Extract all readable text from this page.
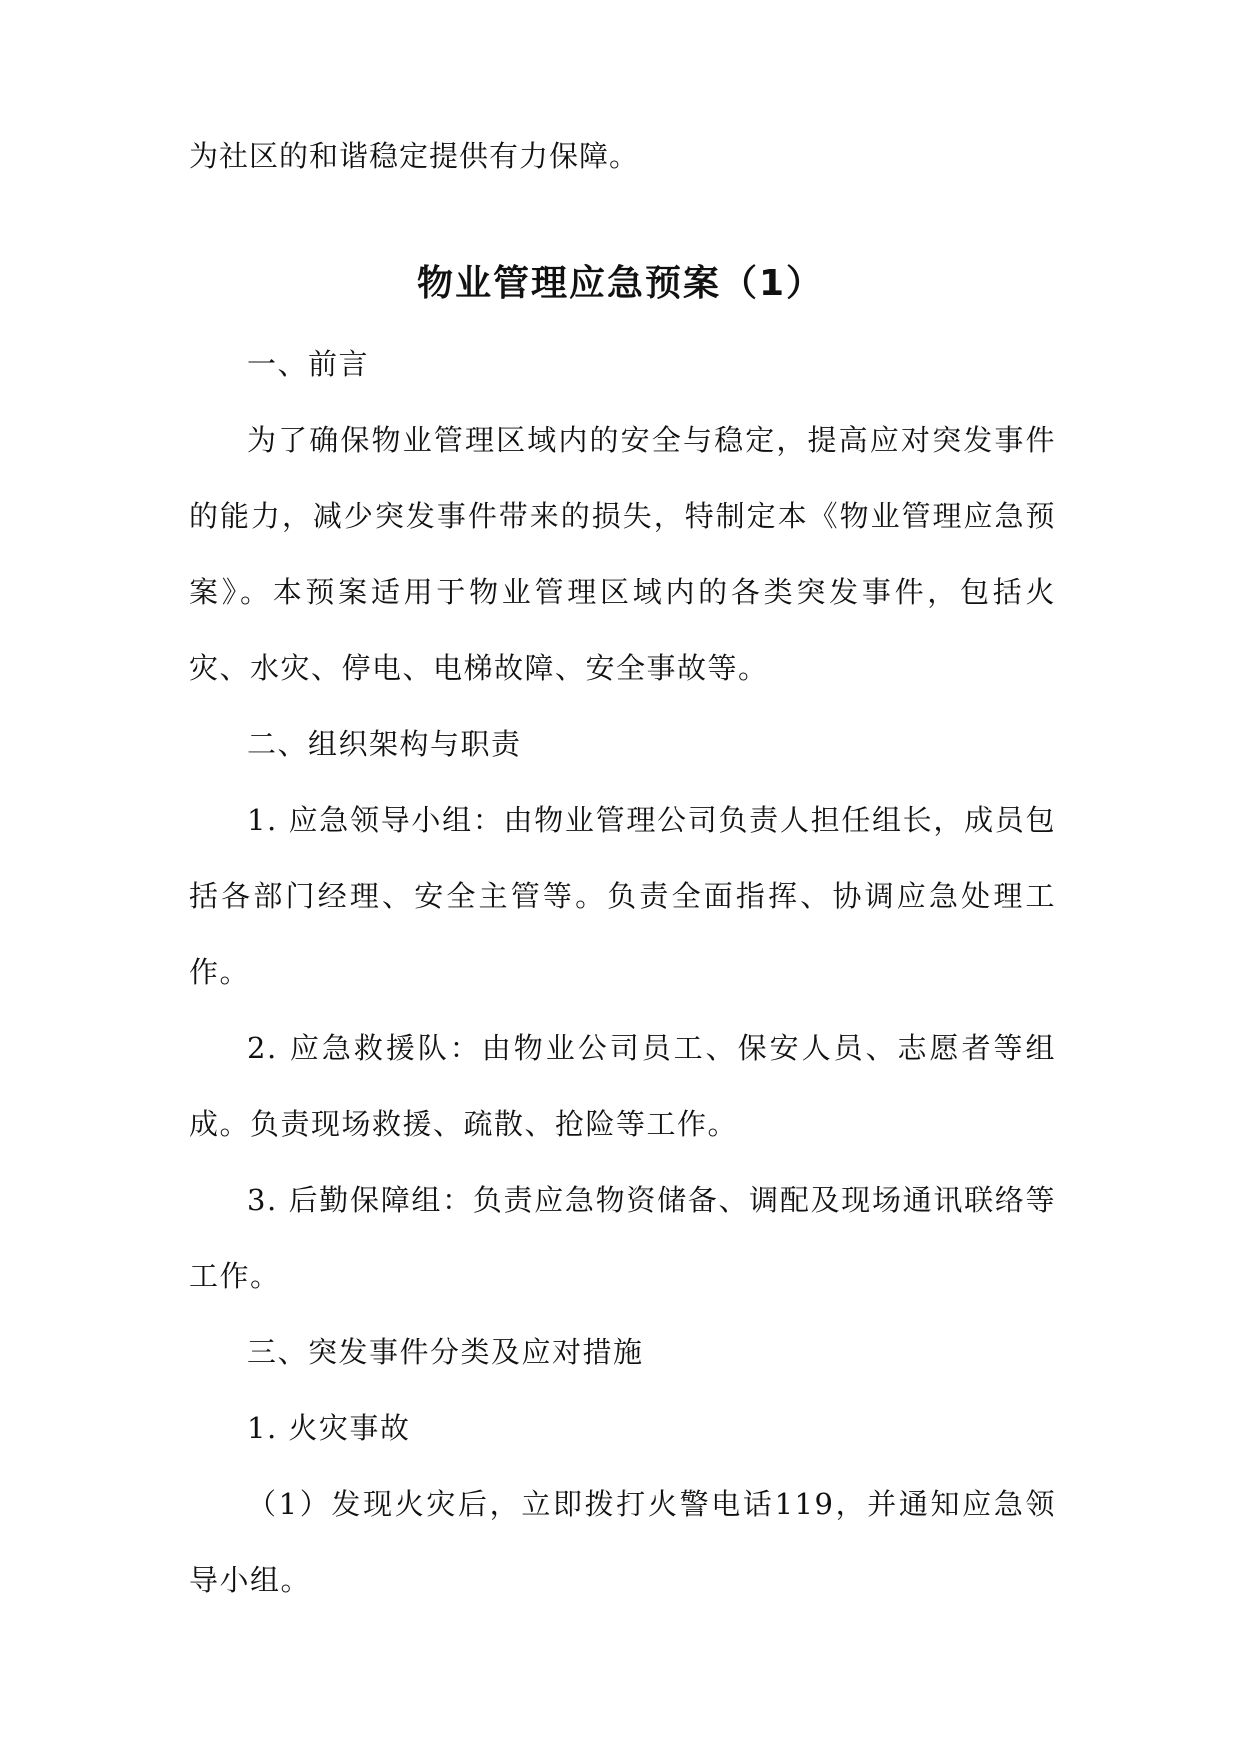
为社区的和谐稳定提供有力保障。
物业管理应急预案（1）

一、前言

为了确保物业管理区域内的安全与稳定，提高应对突发事件的能力，减少突发事件带来的损失，特制定本《物业管理应急预案》。本预案适用于物业管理区域内的各类突发事件，包括火灾、水灾、停电、电梯故障、安全事故等。

二、组织架构与职责

1. 应急领导小组：由物业管理公司负责人担任组长，成员包括各部门经理、安全主管等。负责全面指挥、协调应急处理工作。

2. 应急救援队：由物业公司员工、保安人员、志愿者等组成。负责现场救援、疏散、抢险等工作。

3. 后勤保障组：负责应急物资储备、调配及现场通讯联络等工作。

三、突发事件分类及应对措施

1. 火灾事故

（1）发现火灾后，立即拨打火警电话119，并通知应急领导小组。
